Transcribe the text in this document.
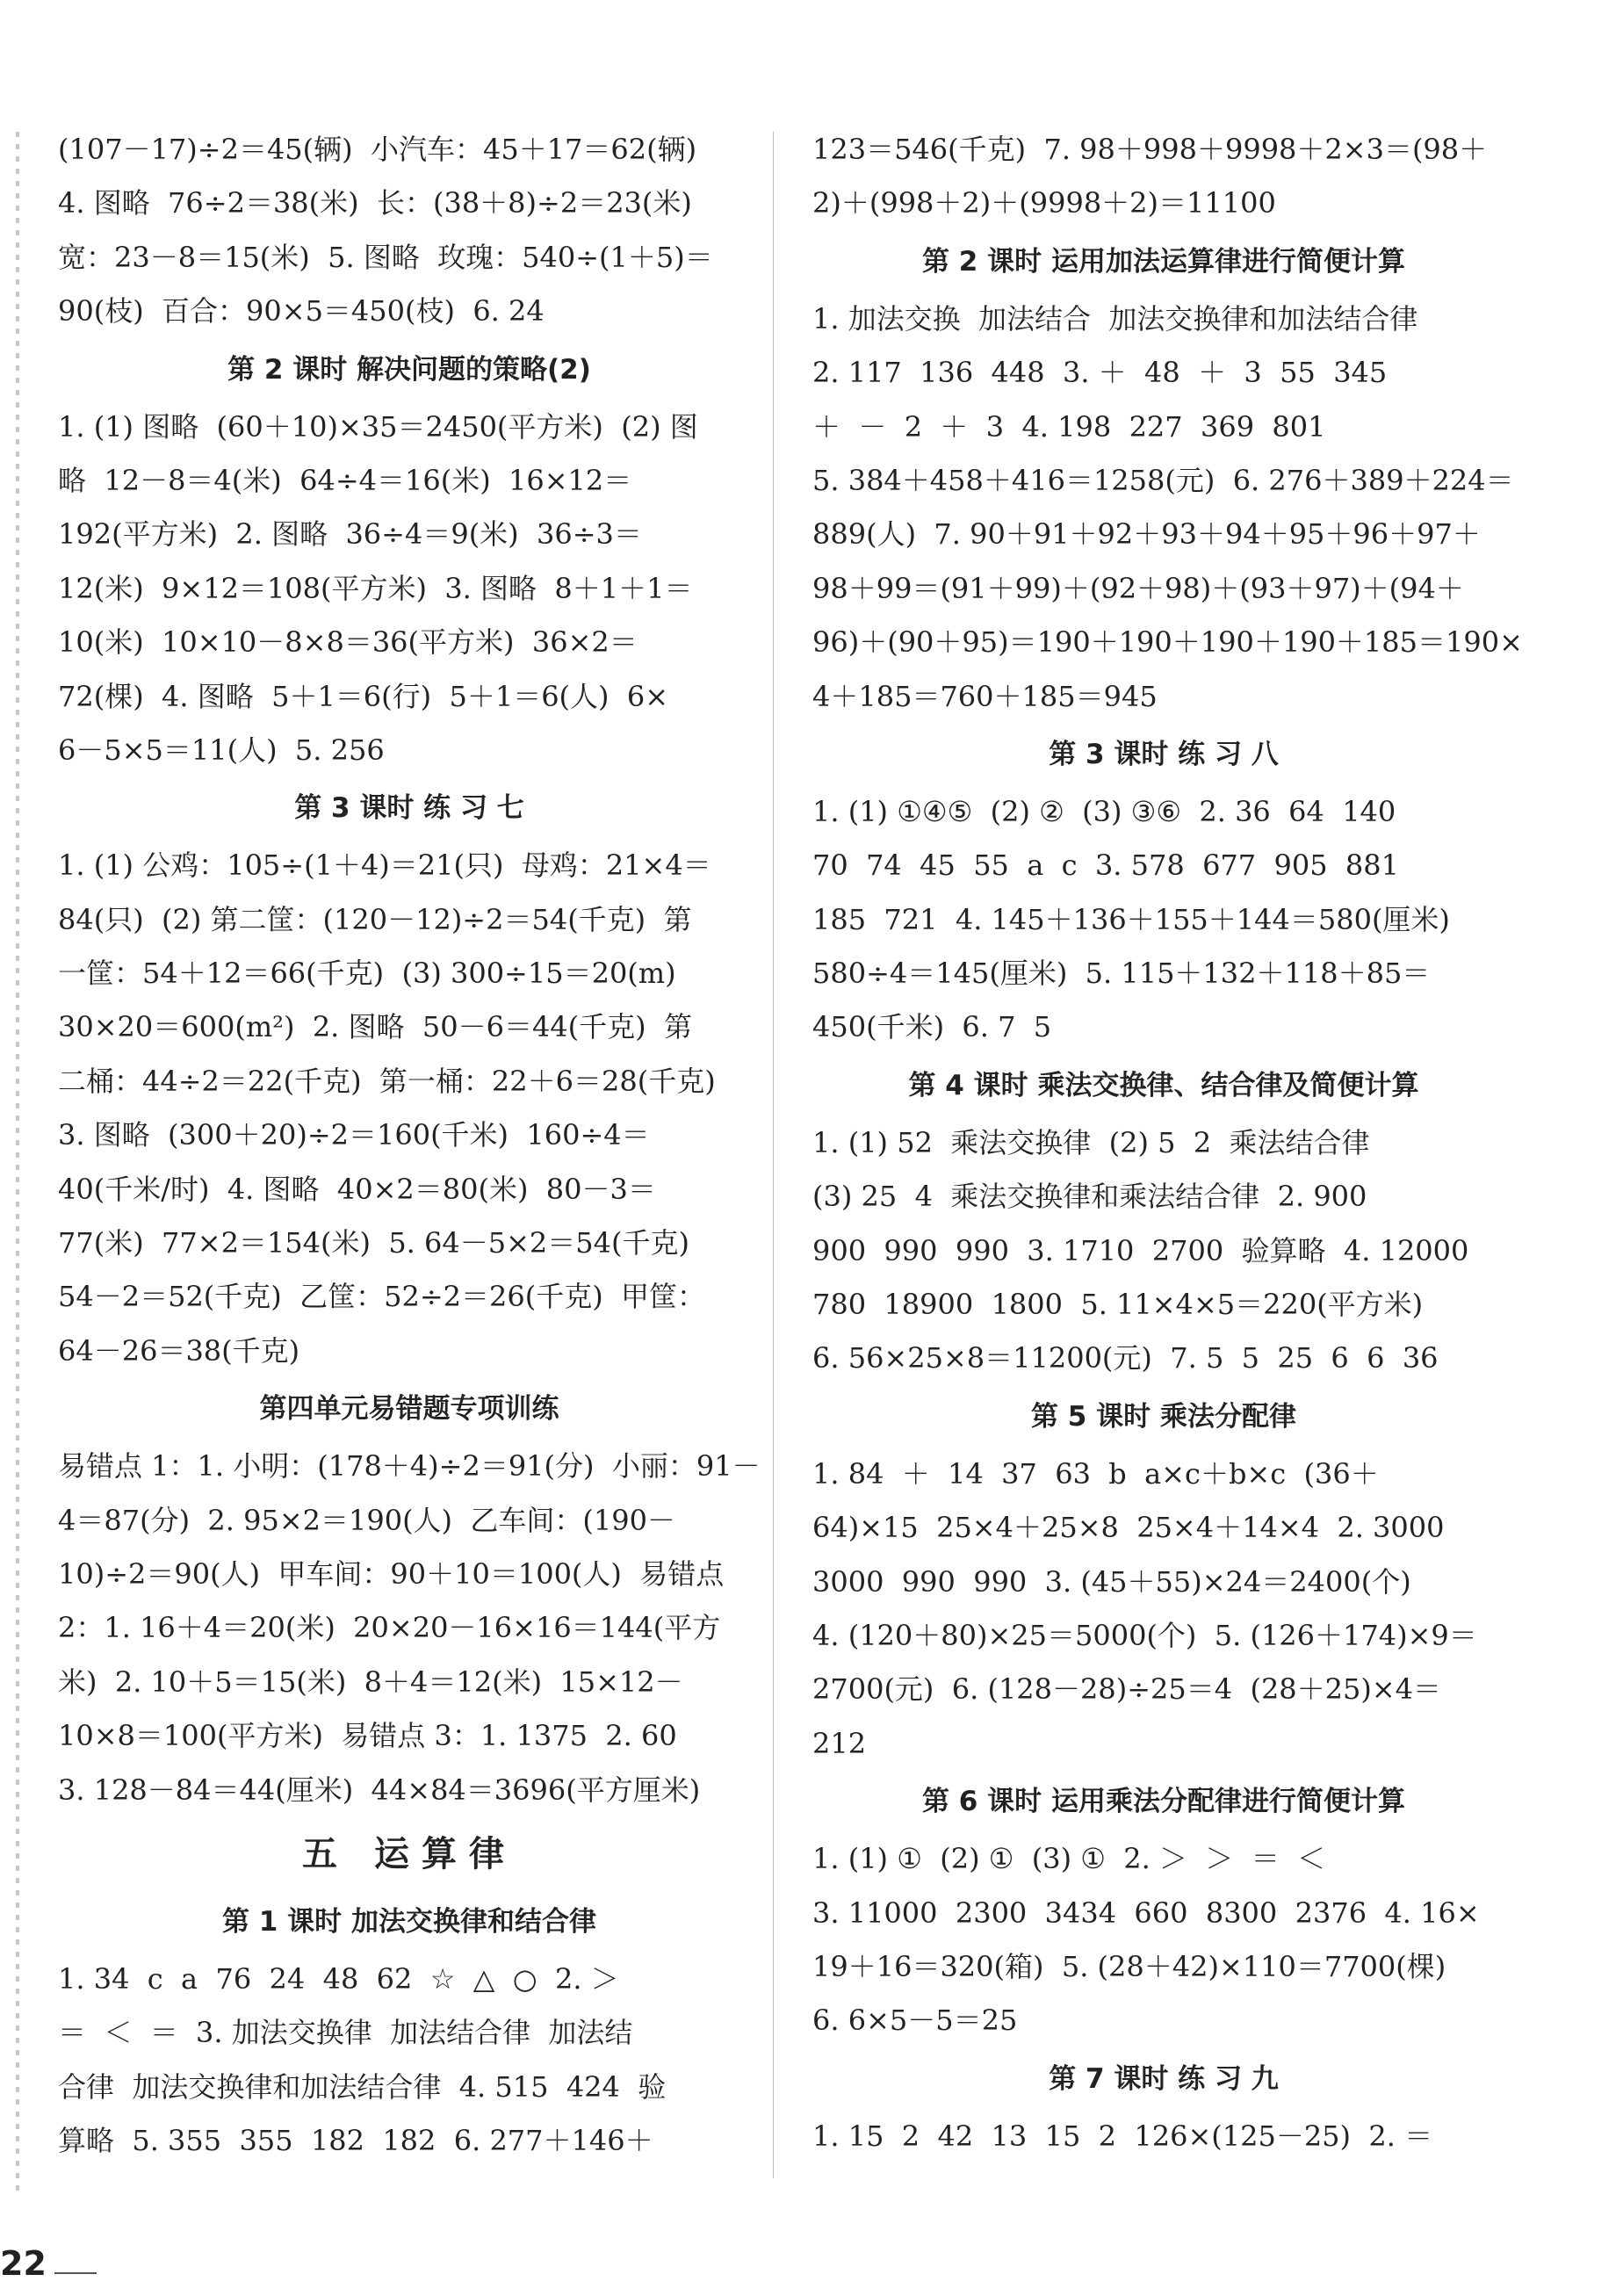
(107－17)÷2＝45(辆)  小汽车：45＋17＝62(辆)
4. 图略  76÷2＝38(米)  长：(38＋8)÷2＝23(米)
宽：23－8＝15(米)  5. 图略  玫瑰：540÷(1＋5)＝
90(枝)  百合：90×5＝450(枝)  6. 24
第 2 课时 解决问题的策略(2)
1. (1) 图略  (60＋10)×35＝2450(平方米)  (2) 图
略  12－8＝4(米)  64÷4＝16(米)  16×12＝
192(平方米)  2. 图略  36÷4＝9(米)  36÷3＝
12(米)  9×12＝108(平方米)  3. 图略  8＋1＋1＝
10(米)  10×10－8×8＝36(平方米)  36×2＝
72(棵)  4. 图略  5＋1＝6(行)  5＋1＝6(人)  6×
6－5×5＝11(人)  5. 256
第 3 课时 练 习 七
1. (1) 公鸡：105÷(1＋4)＝21(只)  母鸡：21×4＝
84(只)  (2) 第二筐：(120－12)÷2＝54(千克)  第
一筐：54＋12＝66(千克)  (3) 300÷15＝20(m)
30×20＝600(m²)  2. 图略  50－6＝44(千克)  第
二桶：44÷2＝22(千克)  第一桶：22＋6＝28(千克)
3. 图略  (300＋20)÷2＝160(千米)  160÷4＝
40(千米/时)  4. 图略  40×2＝80(米)  80－3＝
77(米)  77×2＝154(米)  5. 64－5×2＝54(千克)
54－2＝52(千克)  乙筐：52÷2＝26(千克)  甲筐：
64－26＝38(千克)
第四单元易错题专项训练
易错点 1：1. 小明：(178＋4)÷2＝91(分)  小丽：91－
4＝87(分)  2. 95×2＝190(人)  乙车间：(190－
10)÷2＝90(人)  甲车间：90＋10＝100(人)  易错点
2：1. 16＋4＝20(米)  20×20－16×16＝144(平方
米)  2. 10＋5＝15(米)  8＋4＝12(米)  15×12－
10×8＝100(平方米)  易错点 3：1. 1375  2. 60
3. 128－84＝44(厘米)  44×84＝3696(平方厘米)
五 运算律
第 1 课时 加法交换律和结合律
1. 34  c  a  76  24  48  62  ☆  △  ○  2. ＞
＝  ＜  ＝  3. 加法交换律  加法结合律  加法结
合律  加法交换律和加法结合律  4. 515  424  验
算略  5. 355  355  182  182  6. 277＋146＋
123＝546(千克)  7. 98＋998＋9998＋2×3＝(98＋
2)＋(998＋2)＋(9998＋2)＝11100
第 2 课时 运用加法运算律进行简便计算
1. 加法交换  加法结合  加法交换律和加法结合律
2. 117  136  448  3. ＋  48  ＋  3  55  345
＋  －  2  ＋  3  4. 198  227  369  801
5. 384＋458＋416＝1258(元)  6. 276＋389＋224＝
889(人)  7. 90＋91＋92＋93＋94＋95＋96＋97＋
98＋99＝(91＋99)＋(92＋98)＋(93＋97)＋(94＋
96)＋(90＋95)＝190＋190＋190＋190＋185＝190×
4＋185＝760＋185＝945
第 3 课时 练 习 八
1. (1) ①④⑤  (2) ②  (3) ③⑥  2. 36  64  140
70  74  45  55  a  c  3. 578  677  905  881
185  721  4. 145＋136＋155＋144＝580(厘米)
580÷4＝145(厘米)  5. 115＋132＋118＋85＝
450(千米)  6. 7  5
第 4 课时 乘法交换律、结合律及简便计算
1. (1) 52  乘法交换律  (2) 5  2  乘法结合律
(3) 25  4  乘法交换律和乘法结合律  2. 900
900  990  990  3. 1710  2700  验算略  4. 12000
780  18900  1800  5. 11×4×5＝220(平方米)
6. 56×25×8＝11200(元)  7. 5  5  25  6  6  36
第 5 课时 乘法分配律
1. 84  ＋  14  37  63  b  a×c＋b×c  (36＋
64)×15  25×4＋25×8  25×4＋14×4  2. 3000
3000  990  990  3. (45＋55)×24＝2400(个)
4. (120＋80)×25＝5000(个)  5. (126＋174)×9＝
2700(元)  6. (128－28)÷25＝4  (28＋25)×4＝
212
第 6 课时 运用乘法分配律进行简便计算
1. (1) ①  (2) ①  (3) ①  2. ＞  ＞  ＝  ＜
3. 11000  2300  3434  660  8300  2376  4. 16×
19＋16＝320(箱)  5. (28＋42)×110＝7700(棵)
6. 6×5－5＝25
第 7 课时 练 习 九
1. 15  2  42  13  15  2  126×(125－25)  2. ＝
22
